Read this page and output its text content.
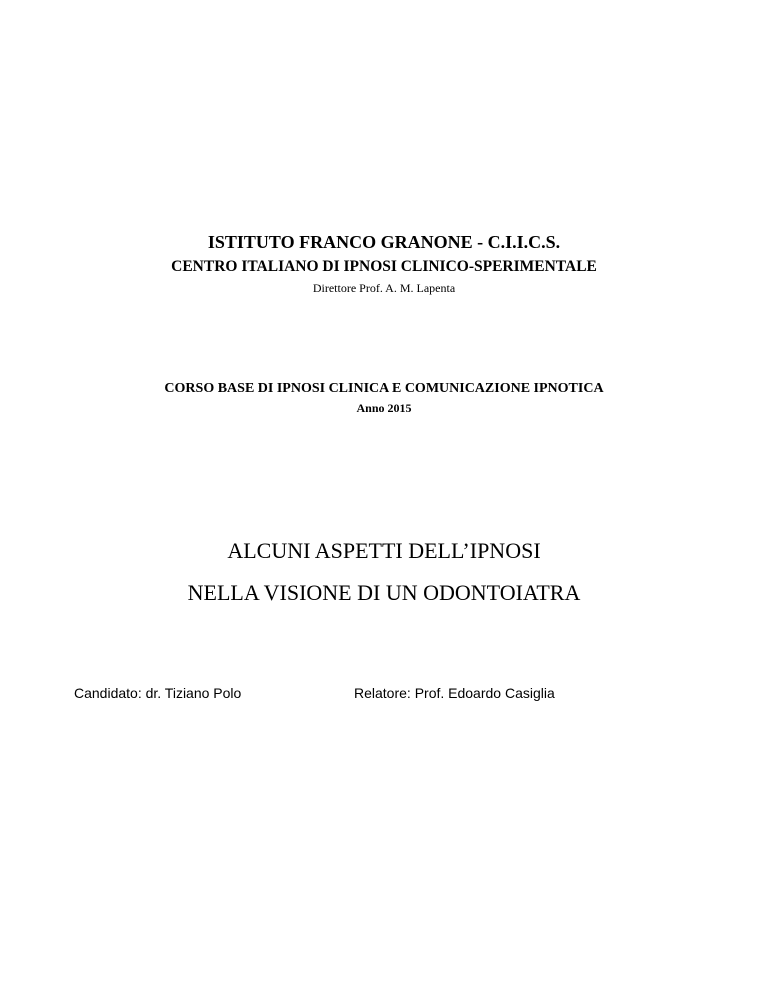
ISTITUTO FRANCO GRANONE - C.I.I.C.S.
CENTRO ITALIANO DI IPNOSI CLINICO-SPERIMENTALE
Direttore Prof. A. M. Lapenta
CORSO BASE DI IPNOSI CLINICA E COMUNICAZIONE IPNOTICA
Anno 2015
ALCUNI ASPETTI DELL’IPNOSI
NELLA VISIONE DI UN ODONTOIATRA
Candidato: dr. Tiziano Polo	Relatore: Prof. Edoardo Casiglia
